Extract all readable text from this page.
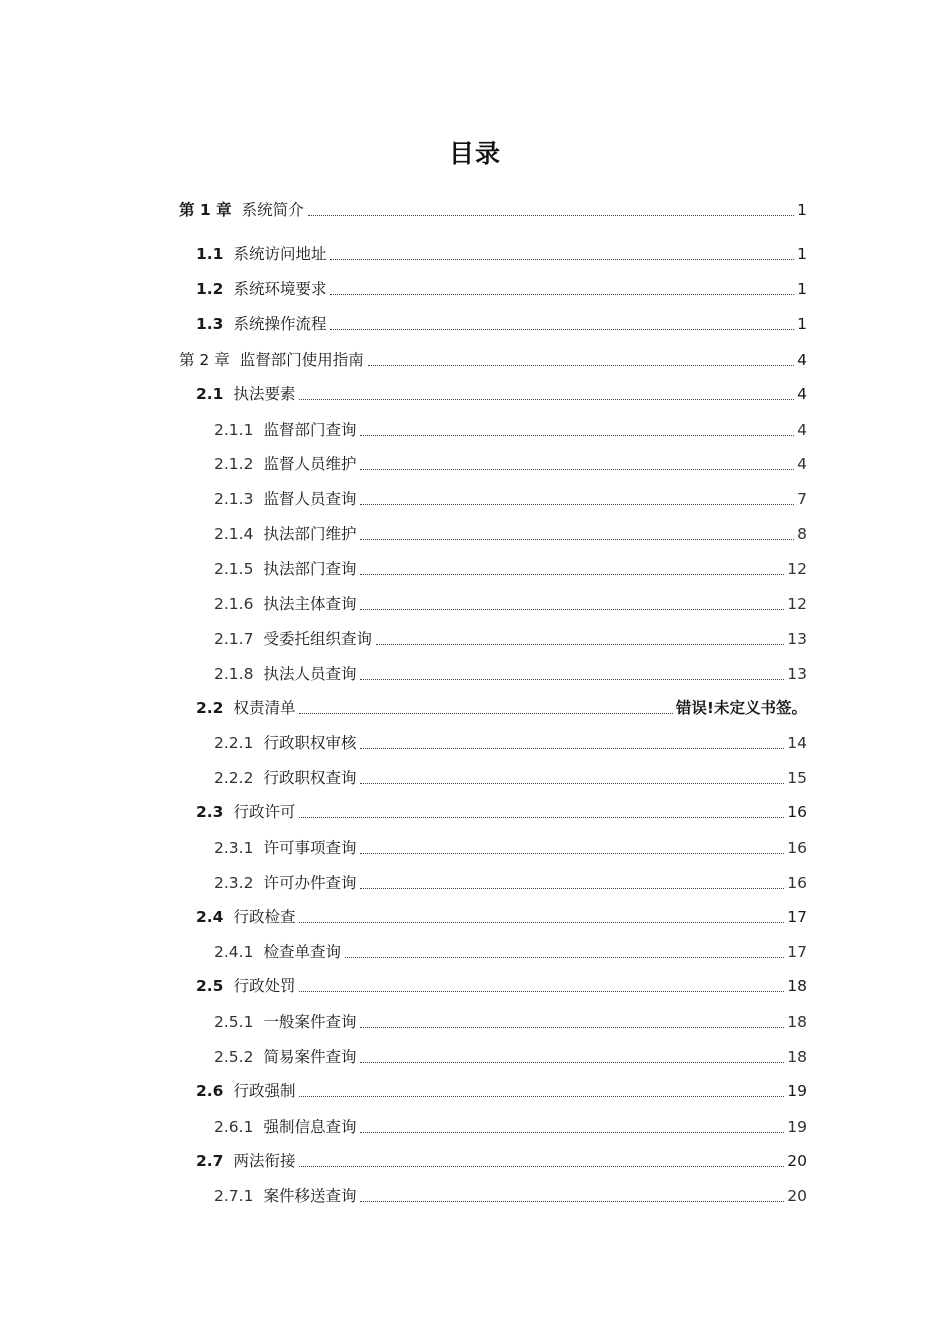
目录
第 1 章 系统简介	1
1.1 系统访问地址	1
1.2 系统环境要求	1
1.3 系统操作流程	1
第 2 章 监督部门使用指南	4
2.1 执法要素	4
2.1.1 监督部门查询	4
2.1.2 监督人员维护	4
2.1.3 监督人员查询	7
2.1.4 执法部门维护	8
2.1.5 执法部门查询	12
2.1.6 执法主体查询	12
2.1.7 受委托组织查询	13
2.1.8 执法人员查询	13
2.2 权责清单	错误!未定义书签。
2.2.1 行政职权审核	14
2.2.2 行政职权查询	15
2.3 行政许可	16
2.3.1 许可事项查询	16
2.3.2 许可办件查询	16
2.4 行政检查	17
2.4.1 检查单查询	17
2.5 行政处罚	18
2.5.1 一般案件查询	18
2.5.2 简易案件查询	18
2.6 行政强制	19
2.6.1 强制信息查询	19
2.7 两法衔接	20
2.7.1 案件移送查询	20
